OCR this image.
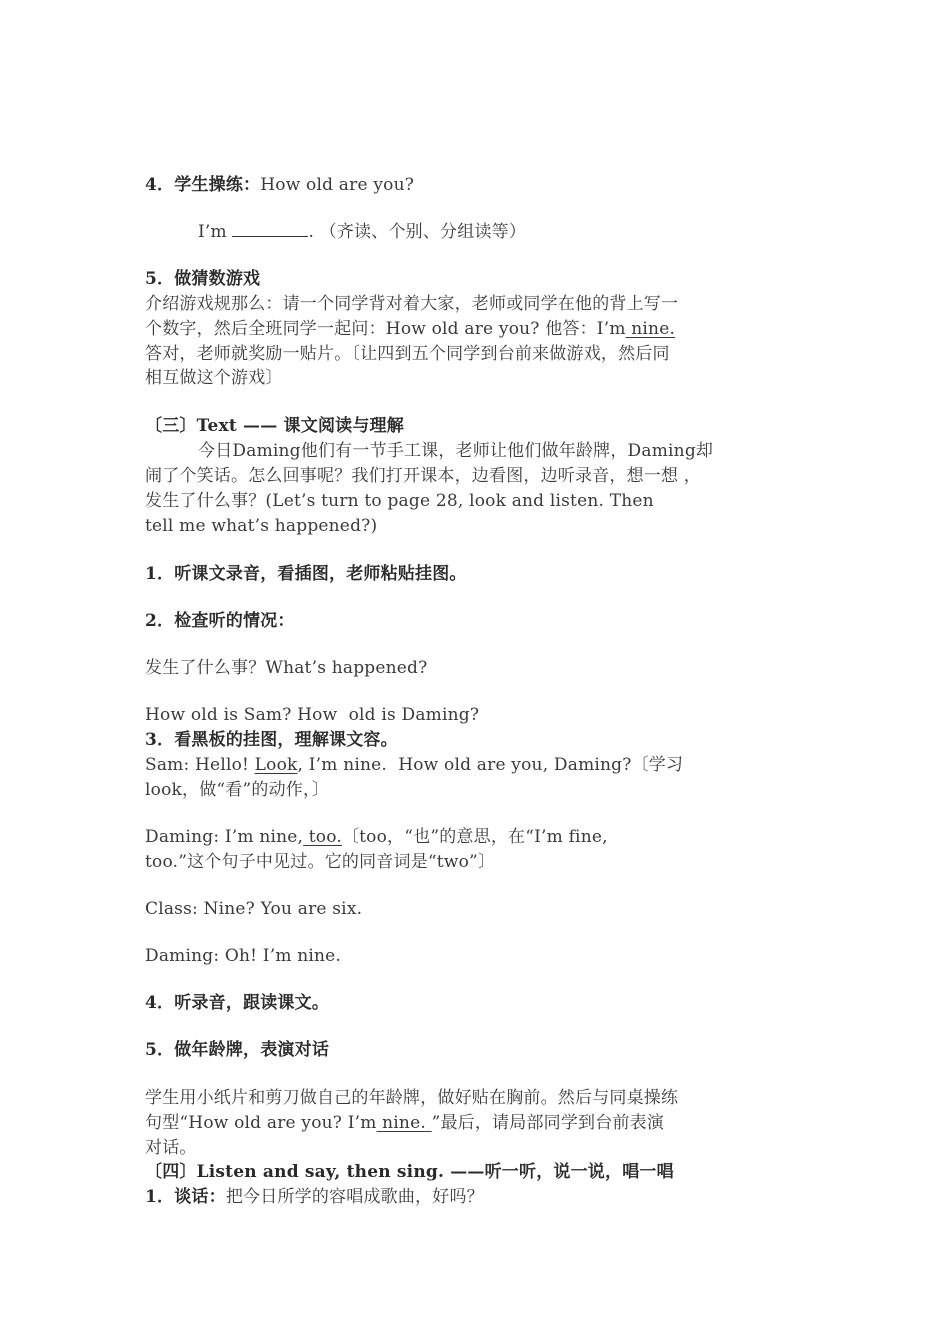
4．学生操练：How old are you?
I’m	. （齐读、个别、分组读等）
5．做猜数游戏
介绍游戏规那么：请一个同学背对着大家，老师或同学在他的背上写一
个数字，然后全班同学一起问：How old are you? 他答：I’m nine.
答对，老师就奖励一贴片。〔让四到五个同学到台前来做游戏，然后同
相互做这个游戏〕
〔三〕Text —— 课文阅读与理解
今日Daming他们有一节手工课，老师让他们做年龄牌，Daming却
闹了个笑话。怎么回事呢？我们打开课本，边看图，边听录音，想一想 ，
发生了什么事？(Let’s turn to page 28, look and listen. Then
tell me what’s happened?)
1．听课文录音，看插图，老师粘贴挂图。
2．检查听的情况：
发生了什么事？What’s happened?
How old is Sam? How  old is Daming?
3．看黑板的挂图，理解课文容。
Sam: Hello! Look, I’m nine.  How old are you, Daming?〔学习
look，做“看”的动作，〕
Daming: I’m nine, too.〔too，“也”的意思，在“I’m fine,
too.”这个句子中见过。它的同音词是“two”〕
Class: Nine? You are six.
Daming: Oh! I’m nine.
4．听录音，跟读课文。
5．做年龄牌，表演对话
学生用小纸片和剪刀做自己的年龄牌，做好贴在胸前。然后与同桌操练
句型“How old are you? I’m nine. ”最后，请局部同学到台前表演
对话。
〔四〕Listen and say, then sing. ——听一听，说一说，唱一唱
1．谈话：把今日所学的容唱成歌曲，好吗？
